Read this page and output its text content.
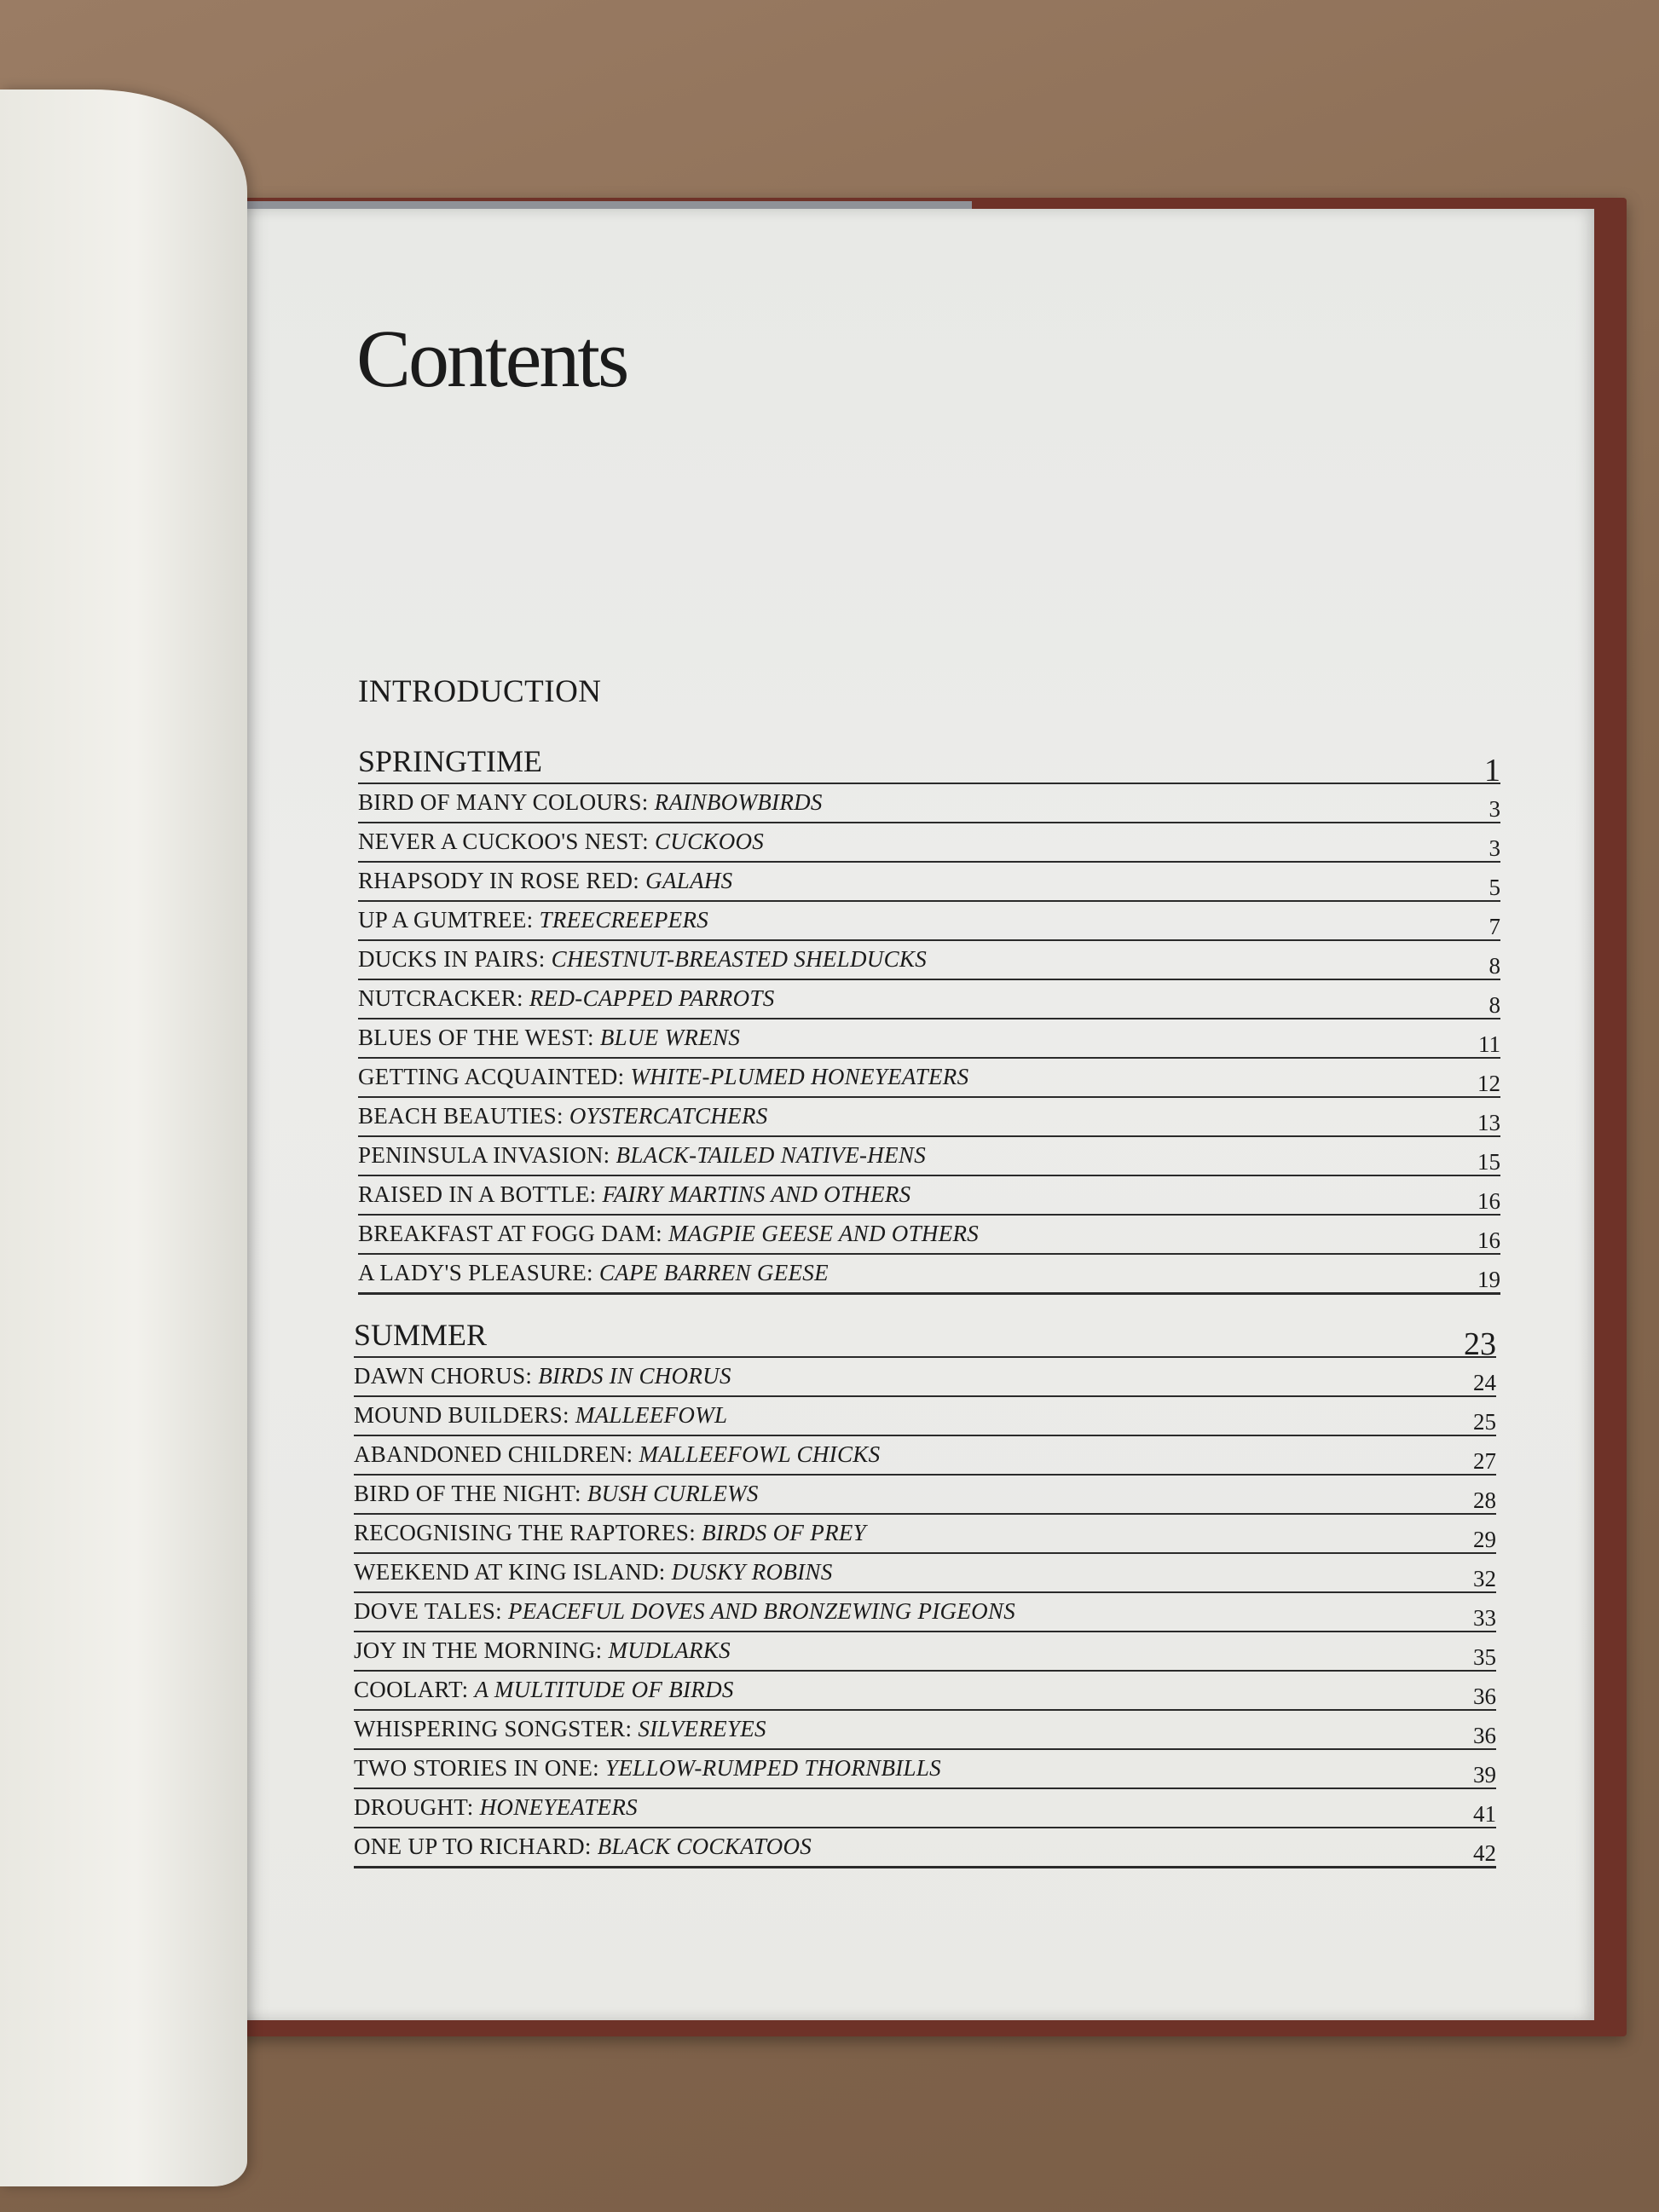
Contents
INTRODUCTION
SPRINGTIME	1
BIRD OF MANY COLOURS: RAINBOWBIRDS	3
NEVER A CUCKOO'S NEST: CUCKOOS	3
RHAPSODY IN ROSE RED: GALAHS	5
UP A GUMTREE: TREECREEPERS	7
DUCKS IN PAIRS: CHESTNUT-BREASTED SHELDUCKS	8
NUTCRACKER: RED-CAPPED PARROTS	8
BLUES OF THE WEST: BLUE WRENS	11
GETTING ACQUAINTED: WHITE-PLUMED HONEYEATERS	12
BEACH BEAUTIES: OYSTERCATCHERS	13
PENINSULA INVASION: BLACK-TAILED NATIVE-HENS	15
RAISED IN A BOTTLE: FAIRY MARTINS AND OTHERS	16
BREAKFAST AT FOGG DAM: MAGPIE GEESE AND OTHERS	16
A LADY'S PLEASURE: CAPE BARREN GEESE	19
SUMMER	23
DAWN CHORUS: BIRDS IN CHORUS	24
MOUND BUILDERS: MALLEEFOWL	25
ABANDONED CHILDREN: MALLEEFOWL CHICKS	27
BIRD OF THE NIGHT: BUSH CURLEWS	28
RECOGNISING THE RAPTORES: BIRDS OF PREY	29
WEEKEND AT KING ISLAND: DUSKY ROBINS	32
DOVE TALES: PEACEFUL DOVES AND BRONZEWING PIGEONS	33
JOY IN THE MORNING: MUDLARKS	35
COOLART: A MULTITUDE OF BIRDS	36
WHISPERING SONGSTER: SILVEREYES	36
TWO STORIES IN ONE: YELLOW-RUMPED THORNBILLS	39
DROUGHT: HONEYEATERS	41
ONE UP TO RICHARD: BLACK COCKATOOS	42
